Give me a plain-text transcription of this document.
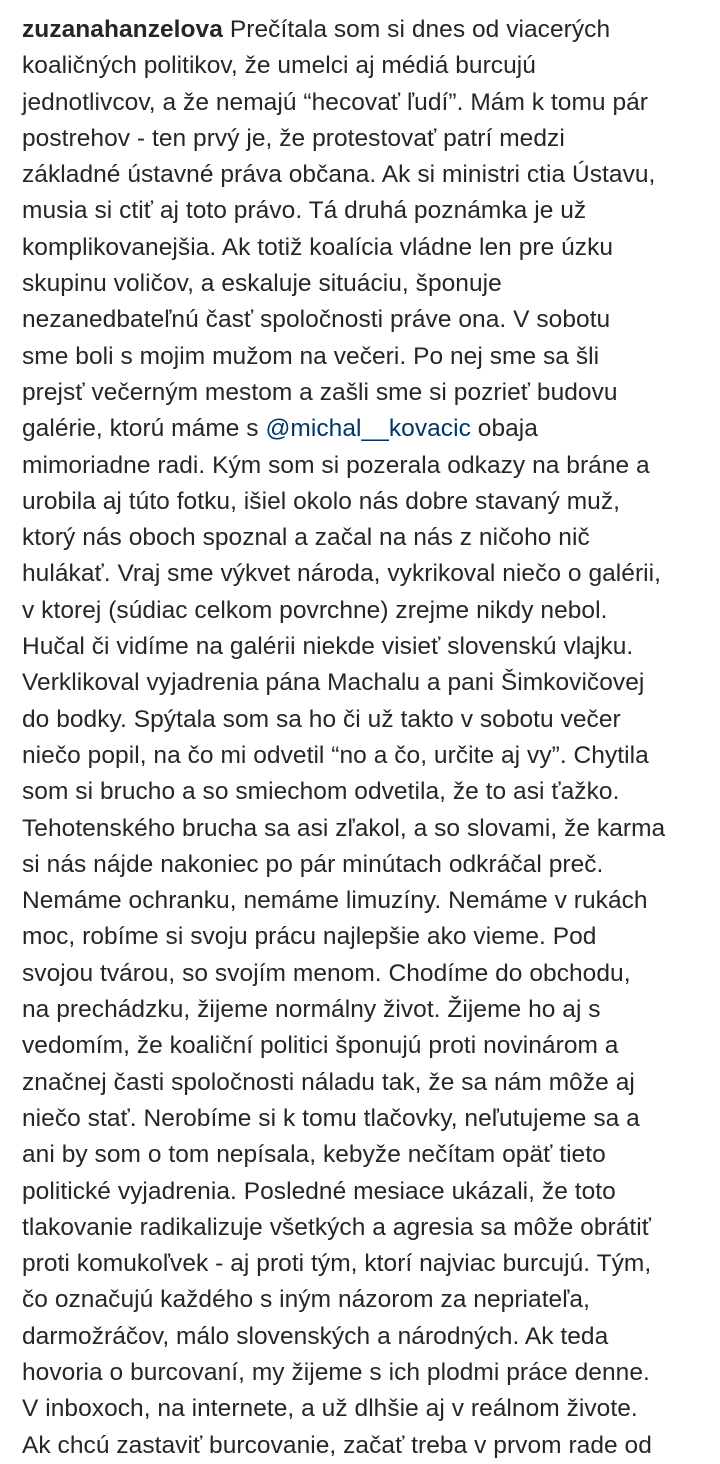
zuzanahanzelova Prečítala som si dnes od viacerých
koaličných politikov, že umelci aj médiá burcujú
jednotlivcov, a že nemajú “hecovať ľudí”. Mám k tomu pár
postrehov - ten prvý je, že protestovať patrí medzi
základné ústavné práva občana. Ak si ministri ctia Ústavu,
musia si ctiť aj toto právo. Tá druhá poznámka je už
komplikovanejšia. Ak totiž koalícia vládne len pre úzku
skupinu voličov, a eskaluje situáciu, šponuje
nezanedbateľnú časť spoločnosti práve ona. V sobotu
sme boli s mojim mužom na večeri. Po nej sme sa šli
prejsť večerným mestom a zašli sme si pozrieť budovu
galérie, ktorú máme s @michal__kovacic obaja
mimoriadne radi. Kým som si pozerala odkazy na bráne a
urobila aj túto fotku, išiel okolo nás dobre stavaný muž,
ktorý nás oboch spoznal a začal na nás z ničoho nič
hulákať. Vraj sme výkvet národa, vykrikoval niečo o galérii,
v ktorej (súdiac celkom povrchne) zrejme nikdy nebol.
Hučal či vidíme na galérii niekde visieť slovenskú vlajku.
Verklikoval vyjadrenia pána Machalu a pani Šimkovičovej
do bodky. Spýtala som sa ho či už takto v sobotu večer
niečo popil, na čo mi odvetil “no a čo, určite aj vy”. Chytila
som si brucho a so smiechom odvetila, že to asi ťažko.
Tehotenského brucha sa asi zľakol, a so slovami, že karma
si nás nájde nakoniec po pár minútach odkráčal preč.
Nemáme ochranku, nemáme limuzíny. Nemáme v rukách
moc, robíme si svoju prácu najlepšie ako vieme. Pod
svojou tvárou, so svojím menom. Chodíme do obchodu,
na prechádzku, žijeme normálny život. Žijeme ho aj s
vedomím, že koaliční politici šponujú proti novinárom a
značnej časti spoločnosti náladu tak, že sa nám môže aj
niečo stať. Nerobíme si k tomu tlačovky, neľutujeme sa a
ani by som o tom nepísala, kebyže nečítam opäť tieto
politické vyjadrenia. Posledné mesiace ukázali, že toto
tlakovanie radikalizuje všetkých a agresia sa môže obrátiť
proti komukoľvek - aj proti tým, ktorí najviac burcujú. Tým,
čo označujú každého s iným názorom za nepriateľa,
darmožráčov, málo slovenských a národných. Ak teda
hovoria o burcovaní, my žijeme s ich plodmi práce denne.
V inboxoch, na internete, a už dlhšie aj v reálnom živote.
Ak chcú zastaviť burcovanie, začať treba v prvom rade od
